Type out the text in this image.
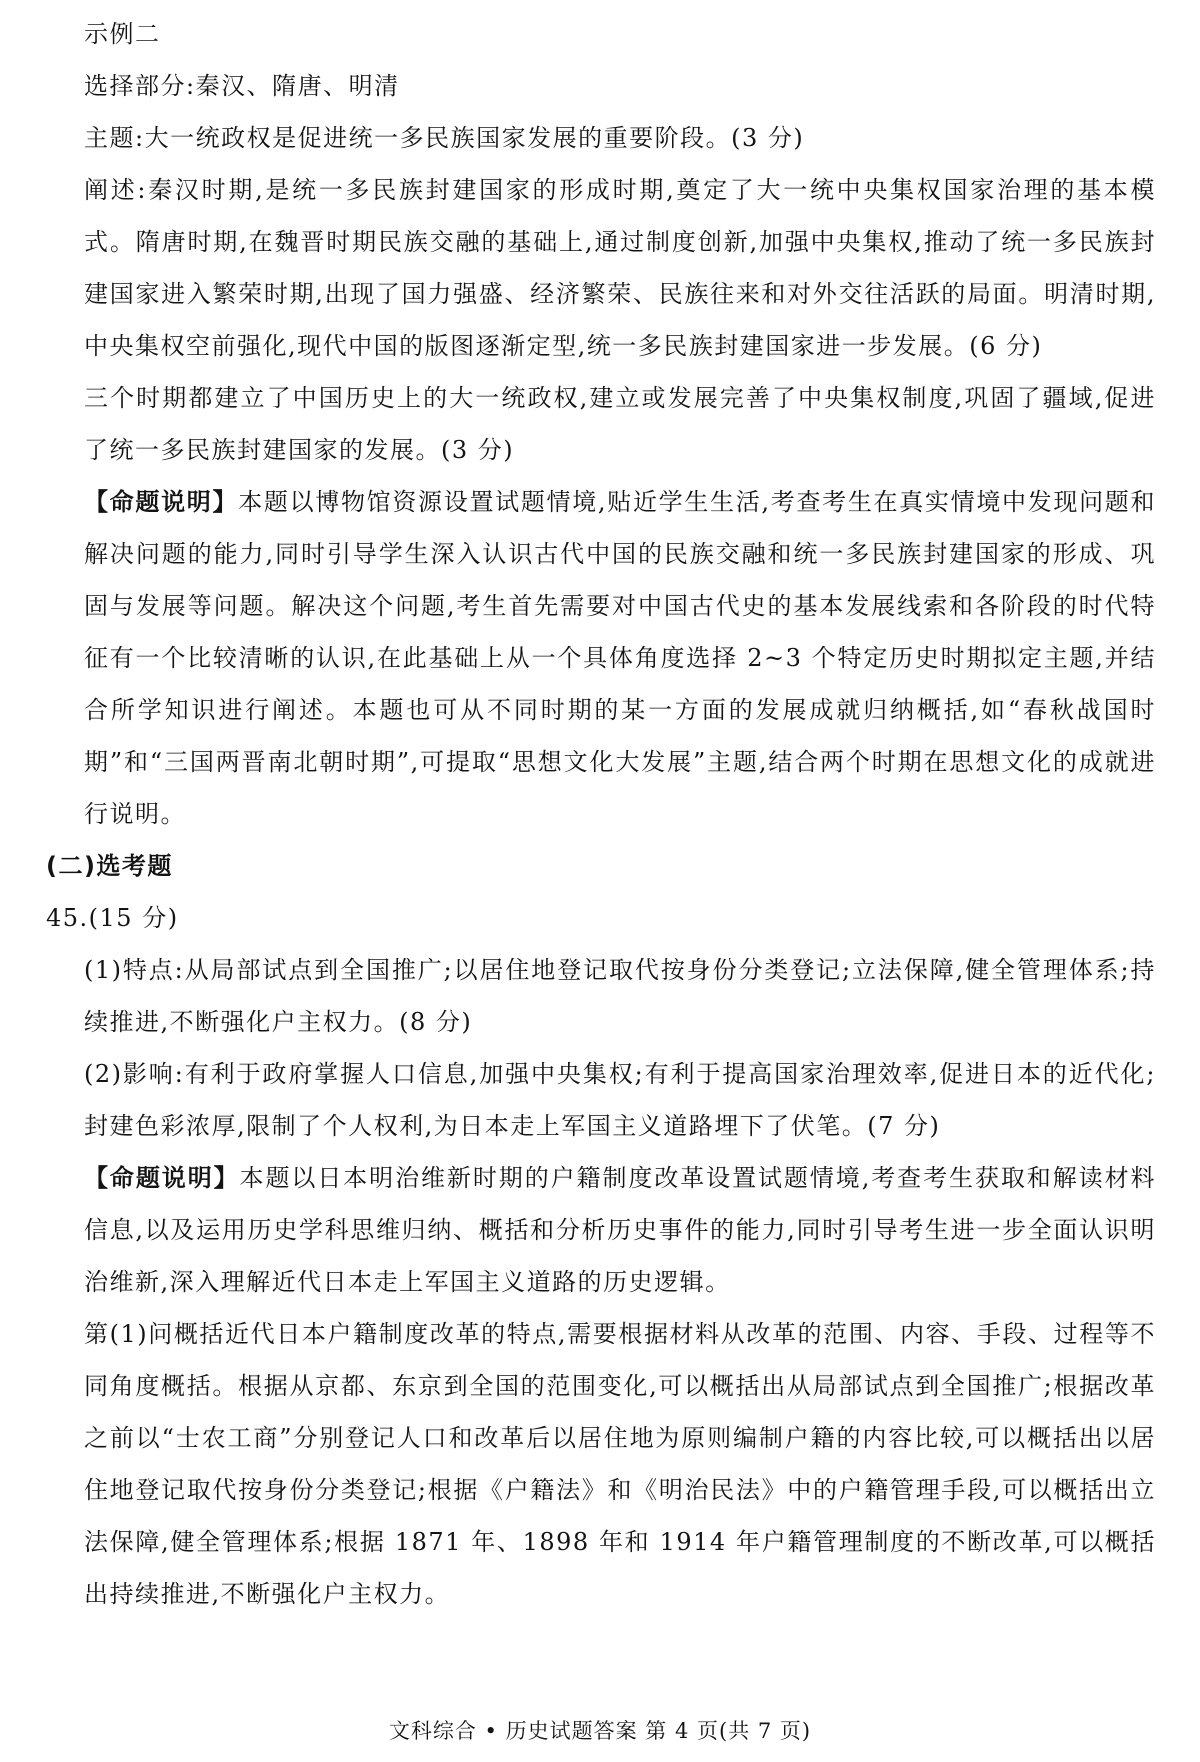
示例二

选择部分:秦汉、隋唐、明清

主题:大一统政权是促进统一多民族国家发展的重要阶段。(3 分)

阐述:秦汉时期,是统一多民族封建国家的形成时期,奠定了大一统中央集权国家治理的基本模式。隋唐时期,在魏晋时期民族交融的基础上,通过制度创新,加强中央集权,推动了统一多民族封建国家进入繁荣时期,出现了国力强盛、经济繁荣、民族往来和对外交往活跃的局面。明清时期,中央集权空前强化,现代中国的版图逐渐定型,统一多民族封建国家进一步发展。(6 分)

三个时期都建立了中国历史上的大一统政权,建立或发展完善了中央集权制度,巩固了疆域,促进了统一多民族封建国家的发展。(3 分)

【命题说明】本题以博物馆资源设置试题情境,贴近学生生活,考查考生在真实情境中发现问题和解决问题的能力,同时引导学生深入认识古代中国的民族交融和统一多民族封建国家的形成、巩固与发展等问题。解决这个问题,考生首先需要对中国古代史的基本发展线索和各阶段的时代特征有一个比较清晰的认识,在此基础上从一个具体角度选择 2~3 个特定历史时期拟定主题,并结合所学知识进行阐述。本题也可从不同时期的某一方面的发展成就归纳概括,如“春秋战国时期”和“三国两晋南北朝时期”,可提取“思想文化大发展”主题,结合两个时期在思想文化的成就进行说明。

(二)选考题

45.(15 分)

(1)特点:从局部试点到全国推广;以居住地登记取代按身份分类登记;立法保障,健全管理体系;持续推进,不断强化户主权力。(8 分)

(2)影响:有利于政府掌握人口信息,加强中央集权;有利于提高国家治理效率,促进日本的近代化;封建色彩浓厚,限制了个人权利,为日本走上军国主义道路埋下了伏笔。(7 分)

【命题说明】本题以日本明治维新时期的户籍制度改革设置试题情境,考查考生获取和解读材料信息,以及运用历史学科思维归纳、概括和分析历史事件的能力,同时引导考生进一步全面认识明治维新,深入理解近代日本走上军国主义道路的历史逻辑。

第(1)问概括近代日本户籍制度改革的特点,需要根据材料从改革的范围、内容、手段、过程等不同角度概括。根据从京都、东京到全国的范围变化,可以概括出从局部试点到全国推广;根据改革之前以“士农工商”分别登记人口和改革后以居住地为原则编制户籍的内容比较,可以概括出以居住地登记取代按身份分类登记;根据《户籍法》和《明治民法》中的户籍管理手段,可以概括出立法保障,健全管理体系;根据 1871 年、1898 年和 1914 年户籍管理制度的不断改革,可以概括出持续推进,不断强化户主权力。

文科综合 • 历史试题答案 第 4 页(共 7 页)
